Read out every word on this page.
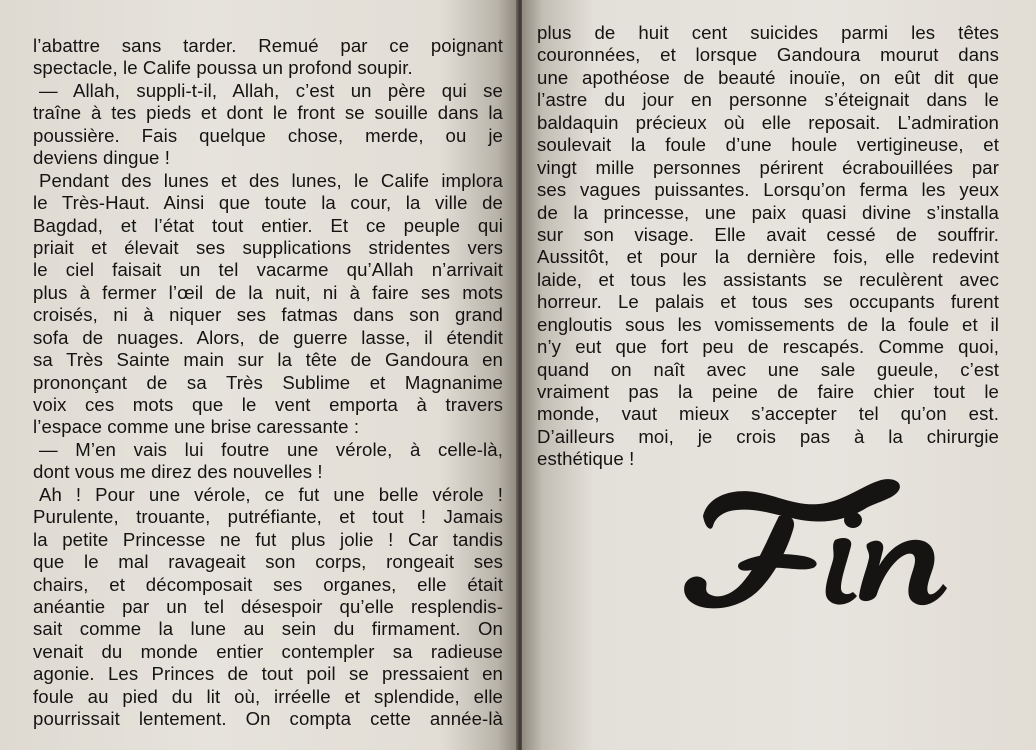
l’abattre sans tarder. Remué par ce poignant
spectacle, le Calife poussa un profond soupir.
— Allah, suppli-t-il, Allah, c’est un père qui se
traîne à tes pieds et dont le front se souille dans la
poussière. Fais quelque chose, merde, ou je
deviens dingue !
Pendant des lunes et des lunes, le Calife implora
le Très-Haut. Ainsi que toute la cour, la ville de
Bagdad, et l’état tout entier. Et ce peuple qui
priait et élevait ses supplications stridentes vers
le ciel faisait un tel vacarme qu’Allah n’arrivait
plus à fermer l’œil de la nuit, ni à faire ses mots
croisés, ni à niquer ses fatmas dans son grand
sofa de nuages. Alors, de guerre lasse, il étendit
sa Très Sainte main sur la tête de Gandoura en
prononçant de sa Très Sublime et Magnanime
voix ces mots que le vent emporta à travers
l’espace comme une brise caressante :
— M’en vais lui foutre une vérole, à celle-là,
dont vous me direz des nouvelles !
Ah ! Pour une vérole, ce fut une belle vérole !
Purulente, trouante, putréfiante, et tout ! Jamais
la petite Princesse ne fut plus jolie ! Car tandis
que le mal ravageait son corps, rongeait ses
chairs, et décomposait ses organes, elle était
anéantie par un tel désespoir qu’elle resplendis-
sait comme la lune au sein du firmament. On
venait du monde entier contempler sa radieuse
agonie. Les Princes de tout poil se pressaient en
foule au pied du lit où, irréelle et splendide, elle
pourrissait lentement. On compta cette année-là
plus de huit cent suicides parmi les têtes
couronnées, et lorsque Gandoura mourut dans
une apothéose de beauté inouïe, on eût dit que
l’astre du jour en personne s’éteignait dans le
baldaquin précieux où elle reposait. L’admiration
soulevait la foule d’une houle vertigineuse, et
vingt mille personnes périrent écrabouillées par
ses vagues puissantes. Lorsqu’on ferma les yeux
de la princesse, une paix quasi divine s’installa
sur son visage. Elle avait cessé de souffrir.
Aussitôt, et pour la dernière fois, elle redevint
laide, et tous les assistants se reculèrent avec
horreur. Le palais et tous ses occupants furent
engloutis sous les vomissements de la foule et il
n’y eut que fort peu de rescapés. Comme quoi,
quand on naît avec une sale gueule, c’est
vraiment pas la peine de faire chier tout le
monde, vaut mieux s’accepter tel qu’on est.
D’ailleurs moi, je crois pas à la chirurgie
esthétique !
